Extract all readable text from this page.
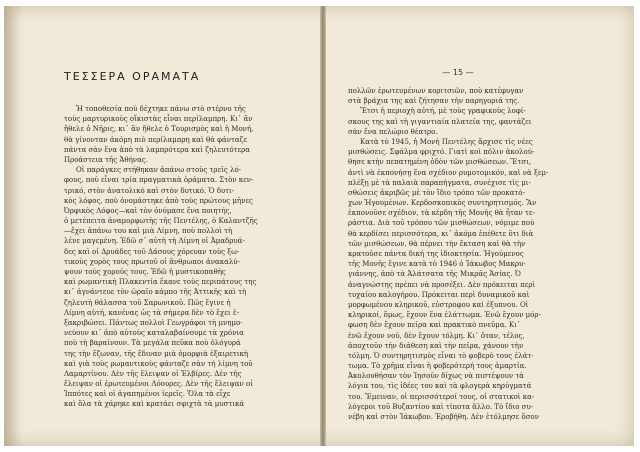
ΤΕΣΣΕΡΑ ΟΡΑΜΑΤΑ
Ἡ τοποθεσία ποὺ δέχτηκε πάνω στὸ στέρνο τῆς
τοὺς μαρτυρικοὺς οἴκιστὰς εἶναι περίλαμπρη. Κι᾿ ἂν
ἤθελε ὁ Νῆρις, κι᾿ ἂν ἤθελε ὁ Τουρισμὸς καὶ ἡ Μονή,
θὰ γίνονταν ἀκόμη πιὸ περίλαμπρη καὶ θὰ φάνταζε
πάντα σὰν ἕνα ἀπὸ τὰ λαμπρότερα καὶ ζηλευτότερα
Προάστεια τῆς Ἀθήνας.
Οἱ παράγκες στήθηκαν ἀπάνω στοὺς τρεῖς λό-
φους, ποὺ εἶναι τρία πραγματικὰ ὁράματα. Στὸν κεν-
τρικό, στὸν ἀνατολικὸ καὶ στὸν δυτικό. Ὁ δυτι-
κὸς λόφος, ποὺ ὀνομάστηκε ἀπὸ τοὺς πρώτους μῆνες
Ὀρφικὸς Λόφος—καὶ τὸν ὀνόμασε ἕνα ποιητής,
ὁ μετέπειτα ἀναμορφωτὴς τῆς Πεντέλης, ὁ Καλαντζῆς
—ἔχει ἀπάνω του καὶ μιὰ Λίμνη, ποὺ πολλοὶ τὴ
λένε μαγεμένη. Ἐδῶ σ᾿ αὐτὴ τὴ Λίμνη οἱ Ἀμαδρυά-
δες καὶ οἱ Δρυάδες τοῦ Δάσους χόρευαν τοὺς ξω-
τικοὺς χορὸς τους πρωτοῦ οἱ ἄνθρωποι ἀνακαλύ-
ψουν τοὺς χορούς τους. Ἐδῶ ἡ μυστικοπαθὴς
καὶ ρωμαντικὴ Πλακεντία ἔκανε τοὺς περιπάτους της
κι᾿ ἀγνάντευε τὸν ὡραῖο κάμπο τῆς Ἀττικῆς καὶ τὴ
ζηλευτὴ θάλασσα τοῦ Σαρωνικοῦ. Πῶς ἔγινε ἡ
Λίμνη αὐτή, κανένας ὡς τὰ σήμερα δὲν τὸ ἔχει ἐ-
ξακριβώσει. Πάντως πολλοὶ Γεωγράφοι τὴ μνημο-
νεύουν κι᾿ ἀπὸ αὐτοὺς καταλαβαίνουμε τὰ χρόνια
ποὺ τὴ βαραίνουν. Τὰ μεγάλα πεῦκα ποὺ ὀλόγυρά
της τὴν ἔζωναν, τῆς ἔδιναν μιὰ ὀμορφιὰ ἐξαιρετικὴ
καὶ γιὰ τοὺς ρωμαντικοὺς φάνταζε σὰν τὴ λίμνη τοῦ
Λαμαρτίνου. Δὲν τῆς ἔλειψαν οἱ Ἐλβίρες. Δὲν τῆς
ἔλειψαν οἱ ἐρωτευμένοι Λόουρες. Δὲν τῆς ἔλειψαν οἱ
Ἱππότες καὶ οἱ ἀγαπημένοι ἱερεῖς. Ὅλα τὰ εἶχε
καὶ ὅλα τὰ χάρηκε καὶ κρατάει σφιχτὰ τὰ μυστικά
— 15 —
πολλῶν ἐρωτευμένων κοριτσιῶν, ποὺ κατέφυγαν
στὰ βράχια της καὶ ζήτησαν τὴν παρηγοριά της.
Ἔτσι ἡ περιοχὴ αὐτή, μὲ τοὺς γραφικοὺς λοφί-
σκους της καὶ τὴ γιγαντιαία πλατεία της, φαντάζει
σὰν ἕνα πελώριο θέατρο.
Κατὰ τὸ 1945, ἡ Μονὴ Πεντέλης ἄρχισε τὶς νέες
μισθώσεις. Σφάλμα φριχτό. Γιατὶ κοὶ πόλιν ἀκολού-
θησε κτὴν πεπατημένη ὁδὸν τῶν μισθώσεων. Ἔτσι,
ἀντὶ νὰ ἐκπονήσῃ ἕνα σχέδιον ρυμοτομικόν, καὶ νὰ ξεμ-
πλέξῃ μὲ τὰ παλαιὰ παραπήγματα, συνέχισε τὶς μι-
σθώσεις ἀκριβῶς μὲ τὸν ἴδιο τρόπο τῶν προκατό-
χων Ἡγουμένων. Κερδοσκοπικὸς συντηρητισμός. Ἂν
ἐκπονοῦσε σχέδιον, τὰ κέρδη τῆς Μονῆς θὰ ἦταν τε-
ράστια. Διὰ τοῦ τρόπου τῶν μισθώσεων, νόμιμε ποὺ
θὰ κερδίσει περισσότερα, κι᾿ ἀκόμα ἐπέθετε ὅτι διὰ
τῶν μισθώσεων, θὰ πέρνει τὴν ἔκταση καὶ θὰ τὴν
κρατοῦσε πάντα δική της ἰδιοκτησία. Ἡγούμενος
τῆς Μονῆς ἔγινε κατὰ τὸ 1946 ὁ Ἰάκωβος Μακρυ-
γιάννης, ἀπὸ τὰ Ἀλάτσατα τῆς Μικρᾶς Ἀσίας. Ὁ
ἀναγνώστης πρέπει νὰ προσέξει. Δὲν πρόκειται περὶ
τυχαίου καλογήρου. Πρόκειται περὶ δυναμικοῦ καὶ
μορφωμένου κληρικοῦ, εὐστροφου καὶ ἐξυπνου. Οἱ
κληρικοί, ὅμως, ἔχουν ἕνα ἐλάττωμα. Ἐνῶ ἔχουν μόρ-
φωση δὲν ἔχουν πεῖρα καὶ πρακτικὸ πνεῦμα. Κι᾿
ἐνῶ ἔχουν νοῦ, δὲν ἔχουν τόλμη. Κι᾿ ὅταν, τέλος,
ἀποχτοῦν τὴν διάθεση καὶ τὴν πεῖρα, χάνουν τὴν
τόλμη. Ὁ συντηρητισμὸς εἶναι τὸ φοβερὸ τους ἐλάτ-
τωμα. Τὸ χρῆμα εἶναι ἡ φοβερότερή τους ἀμαρτία.
Ἀκολουθήσαν τὸν Ἰησοῦν δίχως νὰ πιστέψουν τὰ
λόγια του, τὶς ἰδέες του καὶ τὰ φλογερὰ κηρύγματά
του. Ἔμειναν, οἱ περισσότεροί τους, οἱ στατικοὶ κα-
λόγεροι τοῦ Βυζαντίου καὶ τίποτα ἄλλο. Τὸ ἴδιο συ-
νέβη καὶ στὸν Ἰάκωβον. Ἐροβήθη. Δὲν ἐτόλμησε ὅσον
